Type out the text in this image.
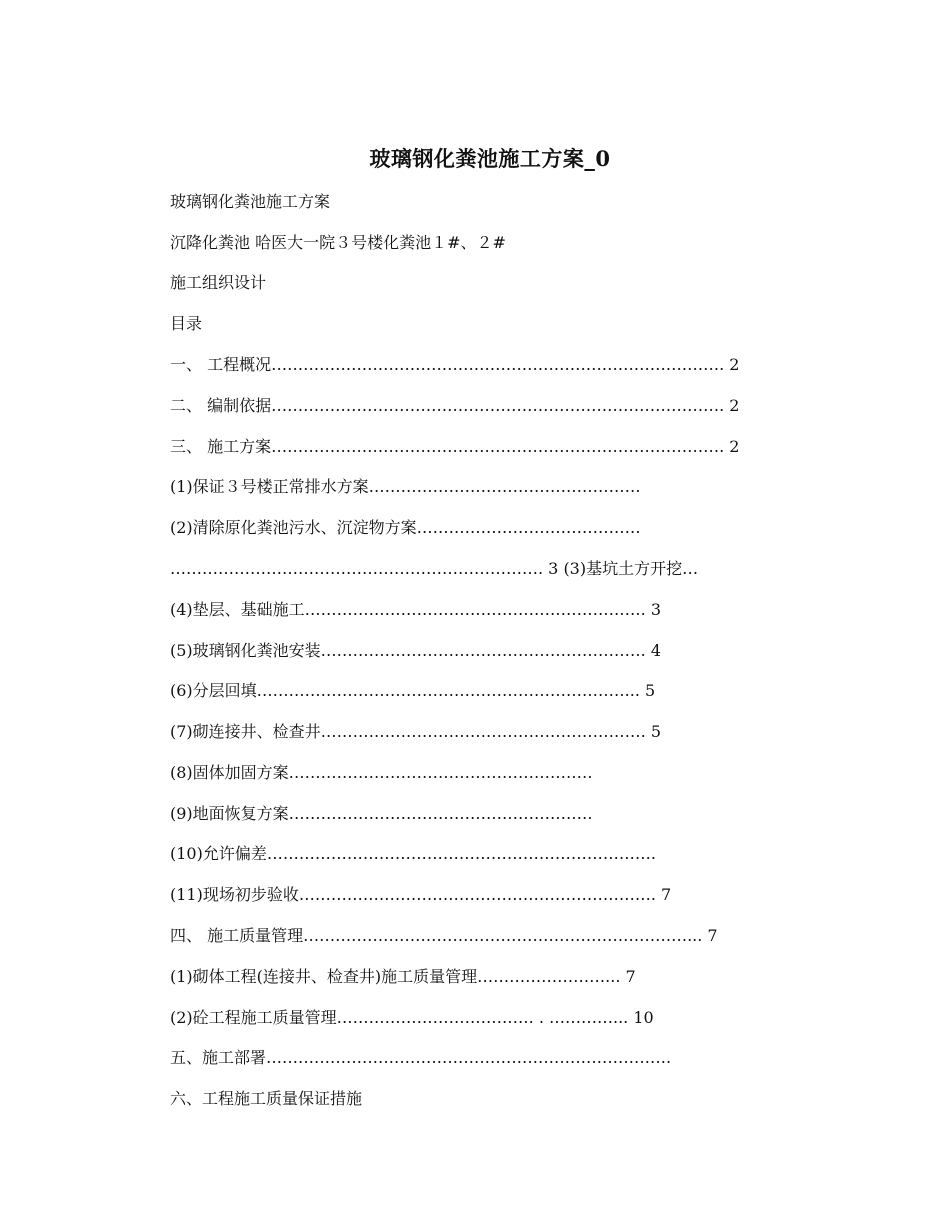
玻璃钢化粪池施工方案_0
玻璃钢化粪池施工方案
沉降化粪池 哈医大一院３号楼化粪池１#、２#
施工组织设计
目录
一、 工程概况…………………………………………………………………………. 2
二、 编制依据…………………………………………………………………………. 2
三、 施工方案…………………………………………………………………………. 2
(1)保证３号楼正常排水方案……………………………………………
(2)清除原化粪池污水、沉淀物方案……………………………………
……………………………………………………………. 3 (3)基坑土方开挖…
(4)垫层、基础施工………………………………………………………. 3
(5)玻璃钢化粪池安装……………………………………………………. 4
(6)分层回填……………………………………………………………... 5
(7)砌连接井、检查井……………………………………………………. 5
(8)固体加固方案…………………………………………………
(9)地面恢复方案…………………………………………………
(10)允许偏差……………………………………………………………….
(11)现场初步验收…………………………………………………………. 7
四、 施工质量管理………………………………………………………………... 7
(1)砌体工程(连接井、检查井)施工质量管理……………………... 7
(2)砼工程施工质量管理………………………………. . …………... 10
五、施工部署………………………………………………………………….
六、工程施工质量保证措施
